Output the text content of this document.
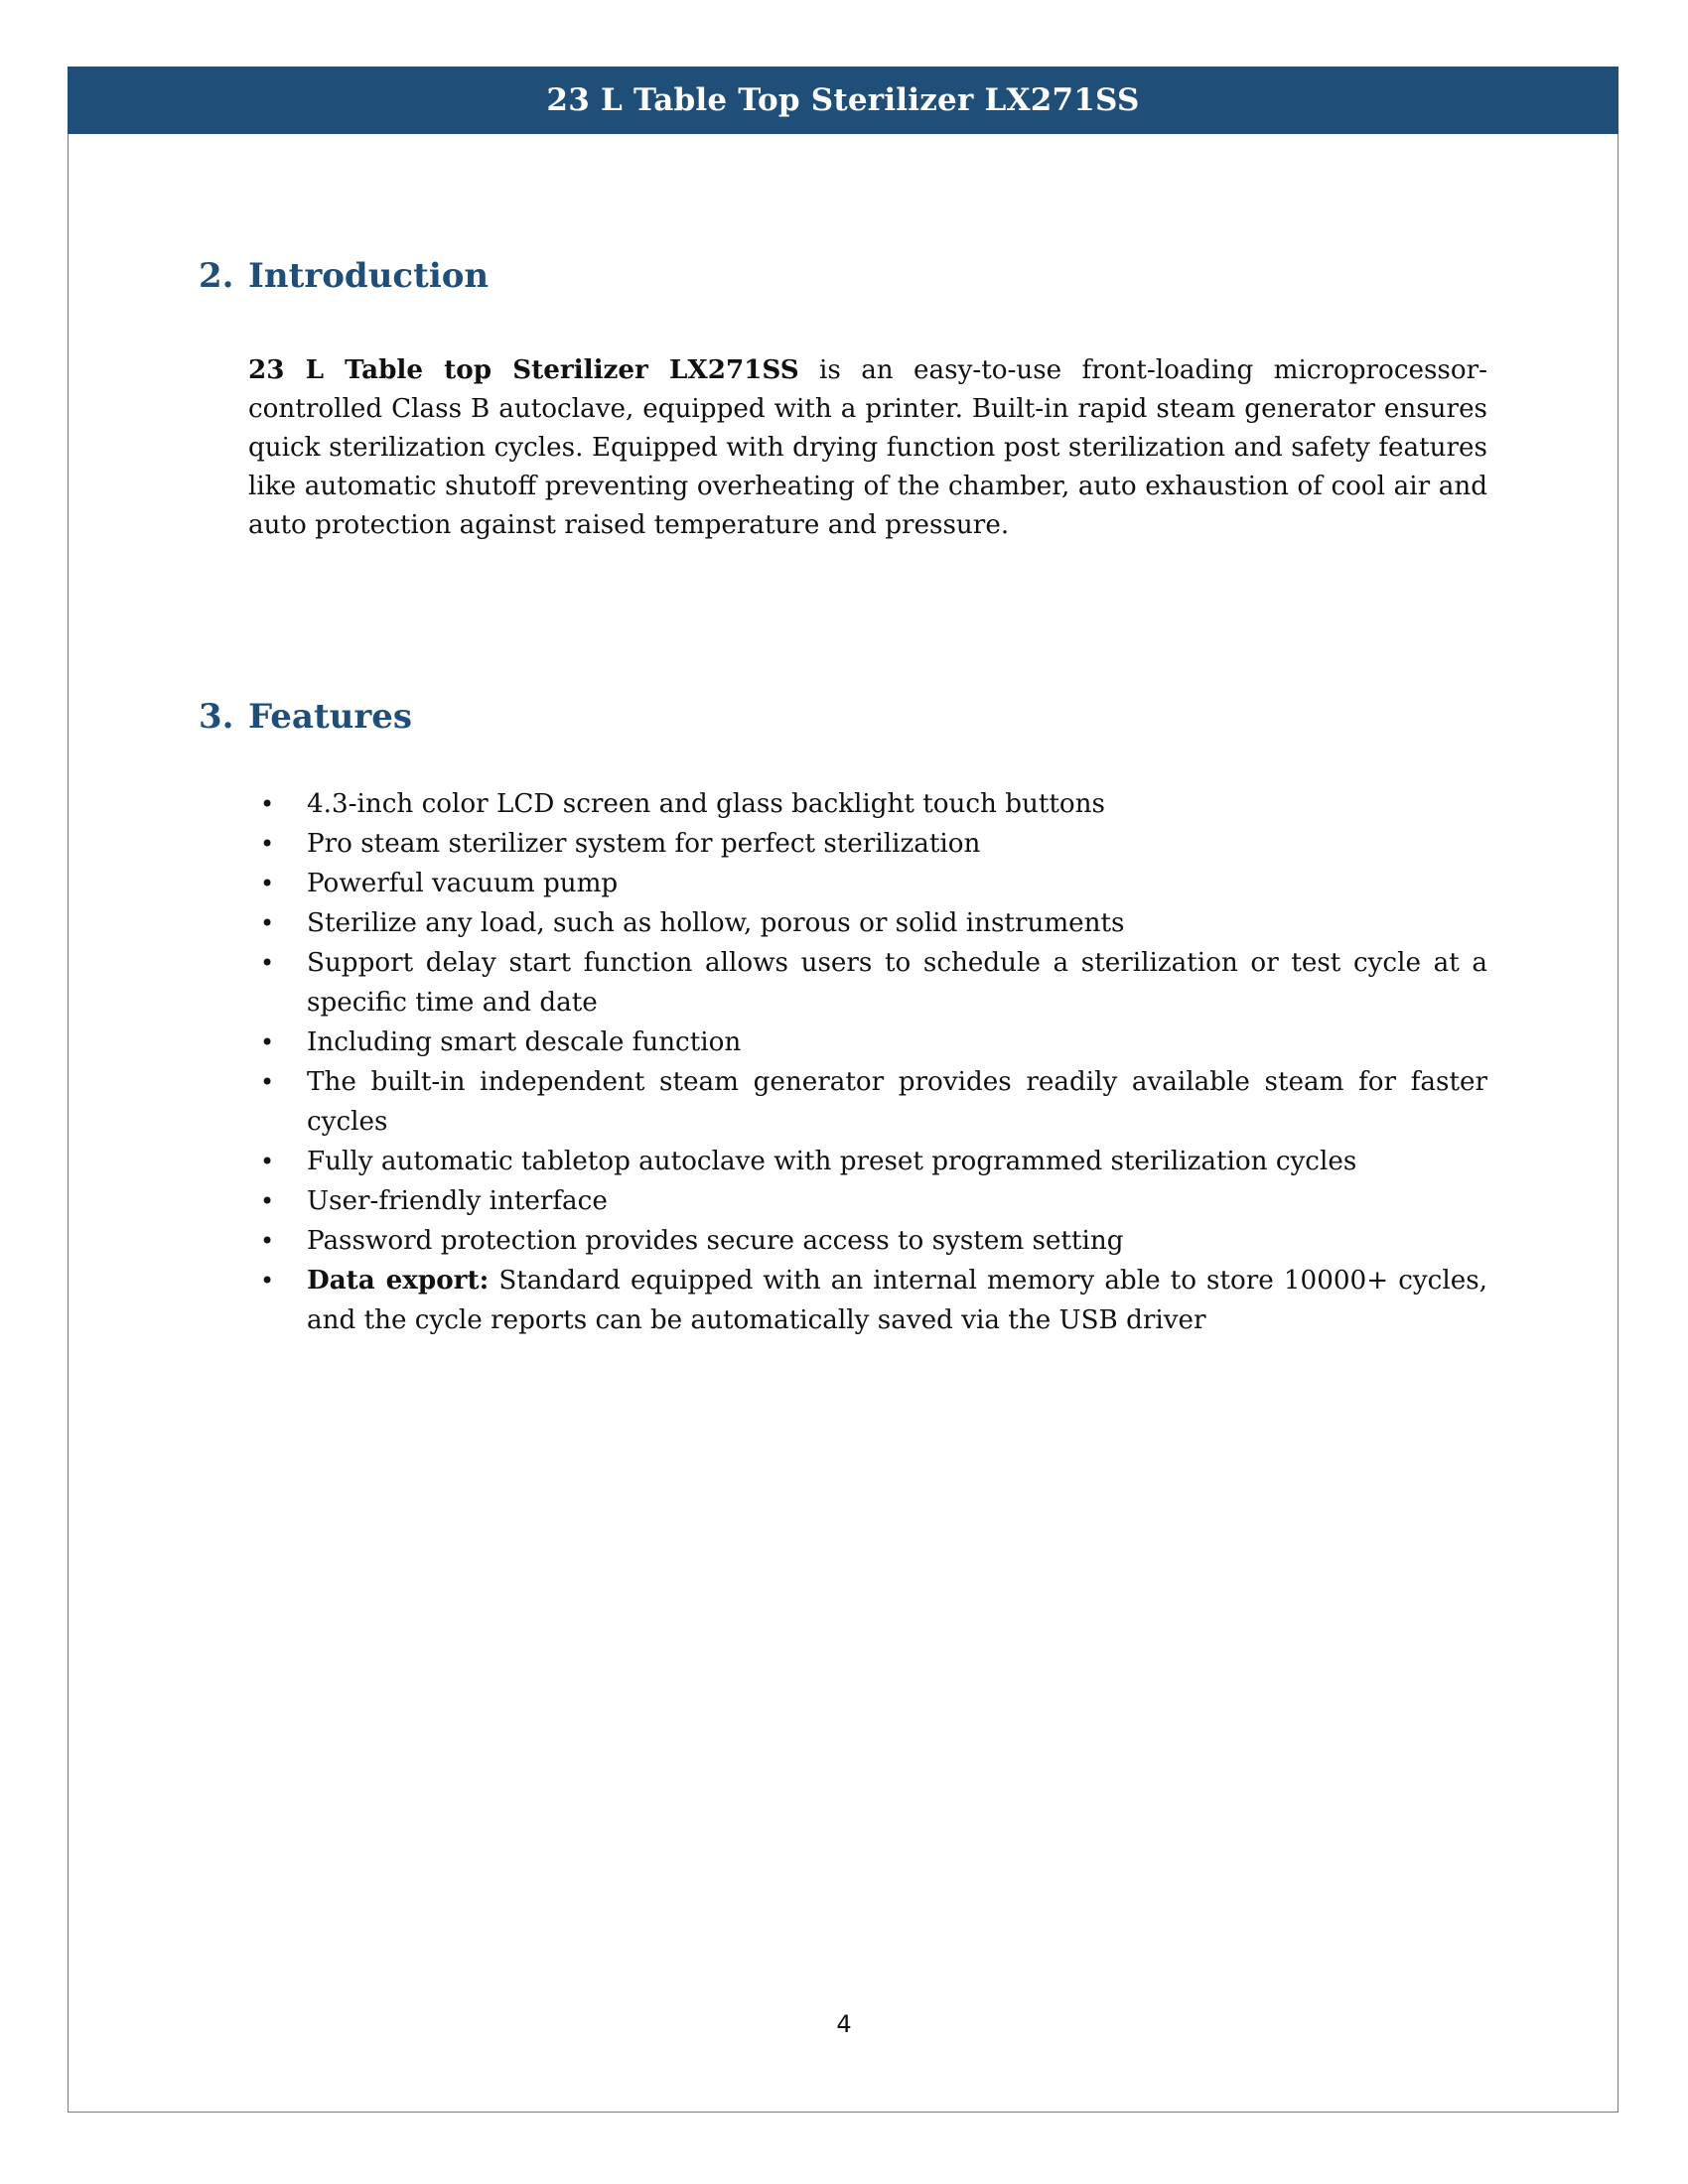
23 L Table Top Sterilizer LX271SS
2. Introduction

23 L Table top Sterilizer LX271SS is an easy-to-use front-loading microprocessor-controlled Class B autoclave, equipped with a printer. Built-in rapid steam generator ensures quick sterilization cycles. Equipped with drying function post sterilization and safety features like automatic shutoff preventing overheating of the chamber, auto exhaustion of cool air and auto protection against raised temperature and pressure.

3. Features
• 4.3-inch color LCD screen and glass backlight touch buttons
• Pro steam sterilizer system for perfect sterilization
• Powerful vacuum pump
• Sterilize any load, such as hollow, porous or solid instruments
• Support delay start function allows users to schedule a sterilization or test cycle at a specific time and date
• Including smart descale function
• The built-in independent steam generator provides readily available steam for faster cycles
• Fully automatic tabletop autoclave with preset programmed sterilization cycles
• User-friendly interface
• Password protection provides secure access to system setting
• Data export: Standard equipped with an internal memory able to store 10000+ cycles, and the cycle reports can be automatically saved via the USB driver
4
